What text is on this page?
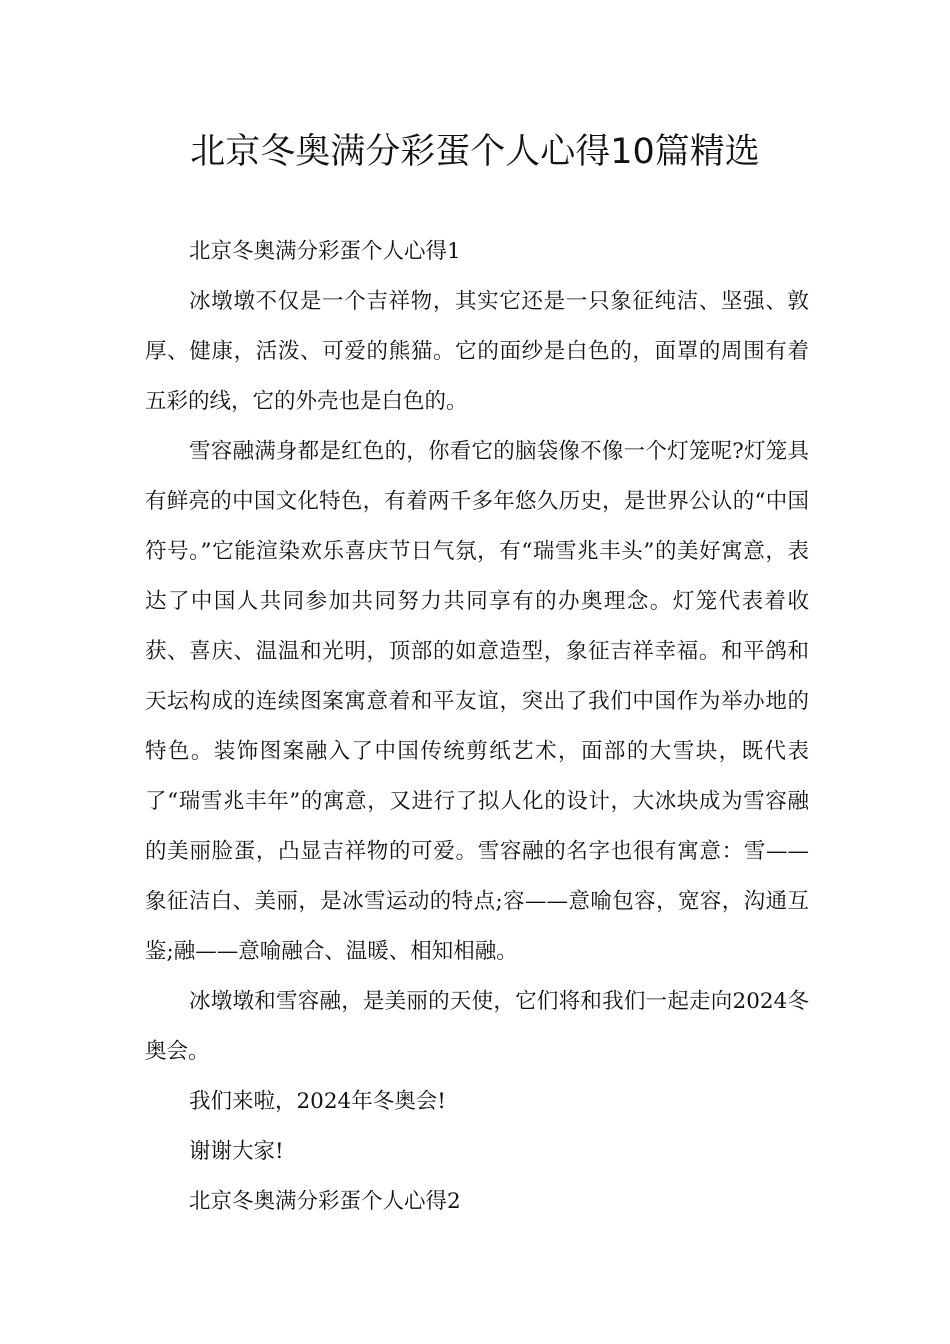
北京冬奥满分彩蛋个人心得10篇精选

北京冬奥满分彩蛋个人心得1

冰墩墩不仅是一个吉祥物，其实它还是一只象征纯洁、坚强、敦厚、健康，活泼、可爱的熊猫。它的面纱是白色的，面罩的周围有着五彩的线，它的外壳也是白色的。

雪容融满身都是红色的，你看它的脑袋像不像一个灯笼呢?灯笼具有鲜亮的中国文化特色，有着两千多年悠久历史，是世界公认的“中国符号。”它能渲染欢乐喜庆节日气氛，有“瑞雪兆丰头”的美好寓意，表达了中国人共同参加共同努力共同享有的办奥理念。灯笼代表着收获、喜庆、温温和光明，顶部的如意造型，象征吉祥幸福。和平鸽和天坛构成的连续图案寓意着和平友谊，突出了我们中国作为举办地的特色。装饰图案融入了中国传统剪纸艺术，面部的大雪块，既代表了“瑞雪兆丰年”的寓意，又进行了拟人化的设计，大冰块成为雪容融的美丽脸蛋，凸显吉祥物的可爱。雪容融的名字也很有寓意：雪——象征洁白、美丽，是冰雪运动的特点;容——意喻包容，宽容，沟通互鉴;融——意喻融合、温暖、相知相融。

冰墩墩和雪容融，是美丽的天使，它们将和我们一起走向2024冬奥会。

我们来啦，2024年冬奥会!

谢谢大家!

北京冬奥满分彩蛋个人心得2
